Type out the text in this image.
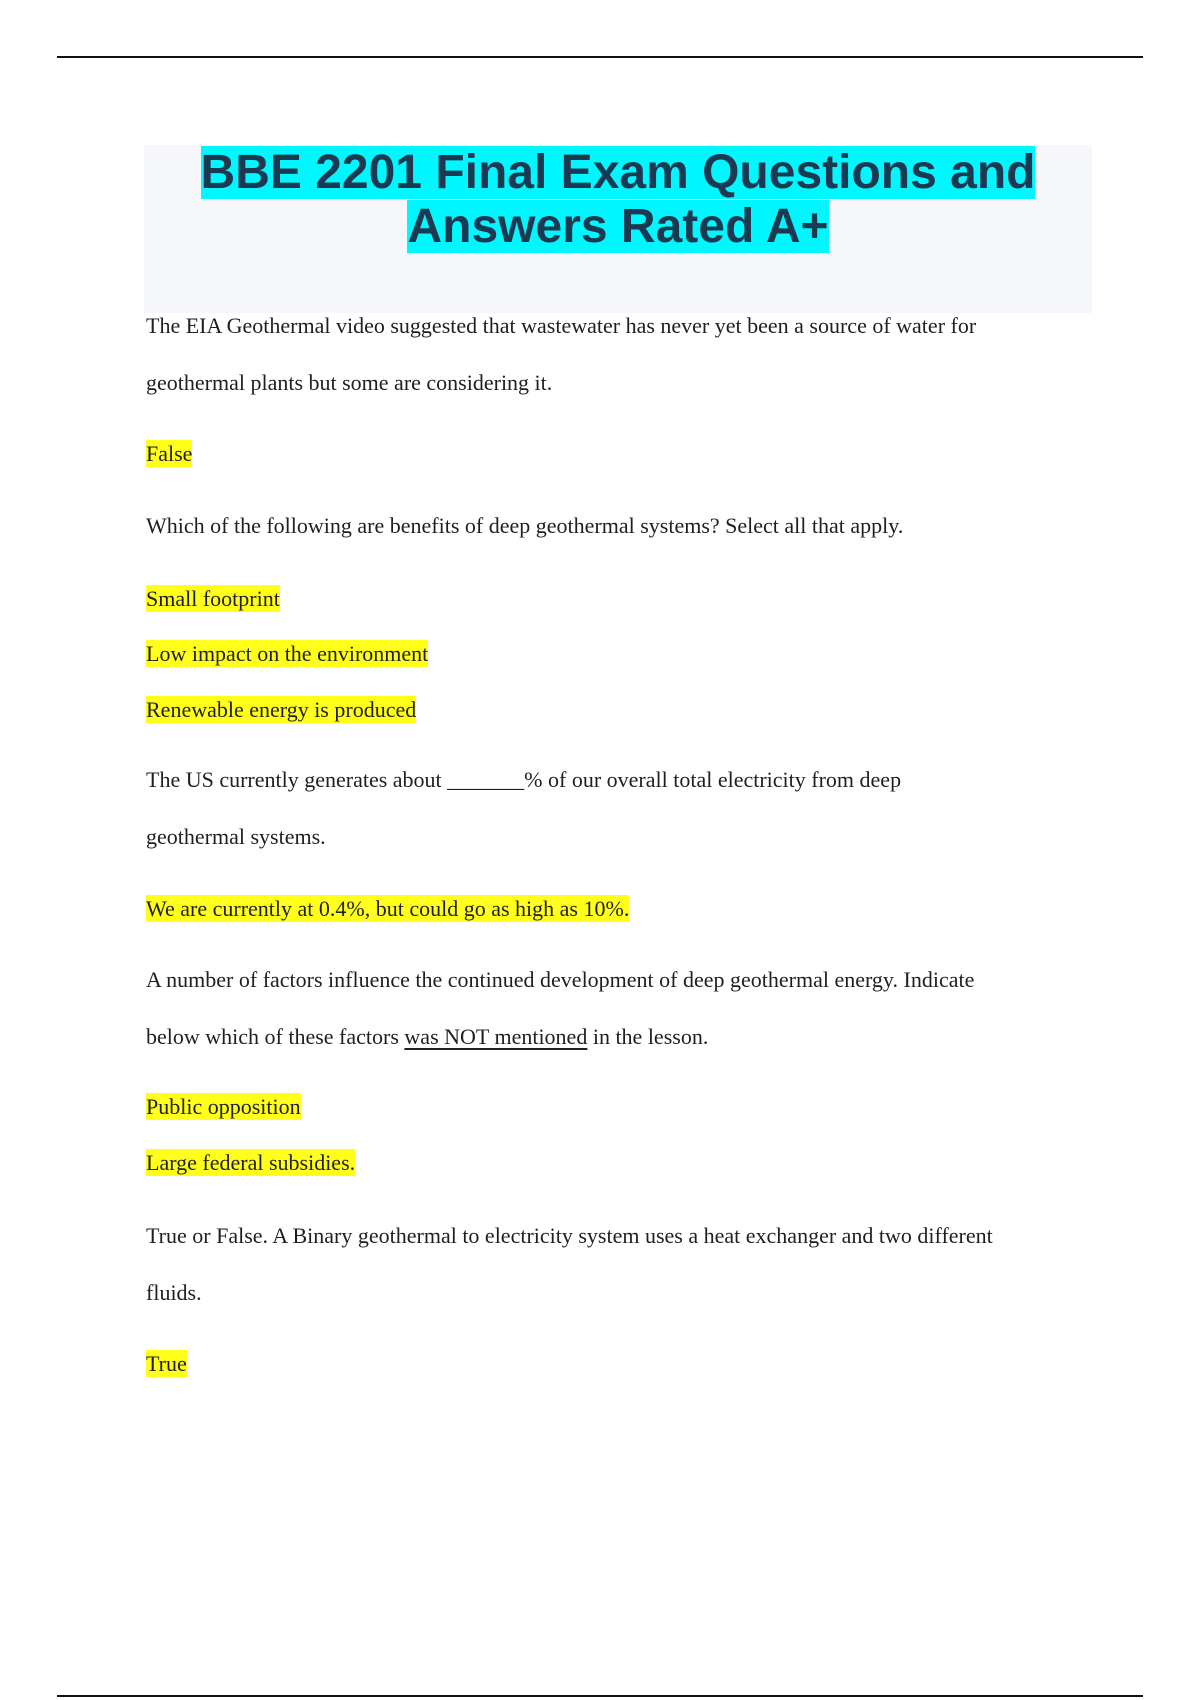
BBE 2201 Final Exam Questions and
Answers Rated A+

The EIA Geothermal video suggested that wastewater has never yet been a source of water for
geothermal plants but some are considering it.

False

Which of the following are benefits of deep geothermal systems? Select all that apply.

Small footprint

Low impact on the environment

Renewable energy is produced

The US currently generates about _______% of our overall total electricity from deep
geothermal systems.

We are currently at 0.4%, but could go as high as 10%.

A number of factors influence the continued development of deep geothermal energy. Indicate
below which of these factors was NOT mentioned in the lesson.

Public opposition

Large federal subsidies.

True or False. A Binary geothermal to electricity system uses a heat exchanger and two different
fluids.

True
